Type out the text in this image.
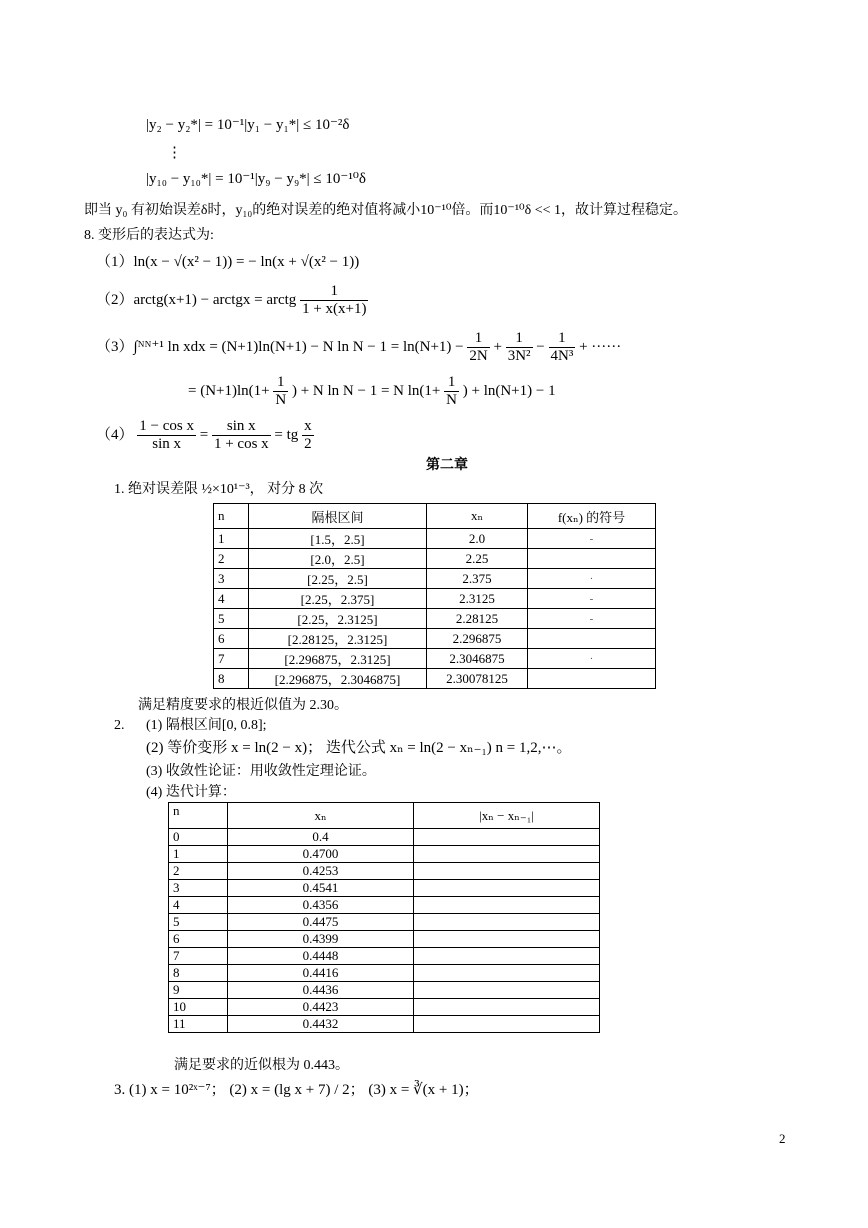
|y₂ − y₂*| = 10⁻¹|y₁ − y₁*| ≤ 10⁻²δ
⋮
|y₁₀ − y₁₀*| = 10⁻¹|y₉ − y₉*| ≤ 10⁻¹⁰δ
即当 y₀ 有初始误差δ时，y₁₀的绝对误差的绝对值将减小10⁻¹⁰倍。而10⁻¹⁰δ << 1，故计算过程稳定。
8. 变形后的表达式为:
（1）ln(x − √(x² − 1)) = − ln(x + √(x² − 1))
（2）arctg(x+1) − arctgx = arctg $\frac{1}{1 + x(x+1)}$
（3）∫ᴺᴺ⁺¹ ln xdx = (N+1)ln(N+1) − N $\ln N - 1 = \ln(N+1) - \frac{1}{2N} + \frac{1}{\text{3N²}} - \frac{1}{\text{4N³}}$ + ······
= $(N+1)\ln(1+ \frac{1}{N}$ ) + N ln N − 1 = N $\ln(1+ \frac{1}{N}$ ) + ln(N+1) − 1
$(4) \frac{\text{1 − cos x}}{\text{sin x}} = \frac{\text{sin x}}{\text{1 + cos x}}$ = tg $\frac{x}{2}$
第二章
1. 绝对误差限 ½×10¹⁻³， 对分 8 次
n	隔根区间	xₙ	f(xₙ) 的符号
1	[1.5，2.5]	2.0	-
2	[2.0，2.5]	2.25	
3	[2.25，2.5]	2.375	·
4	[2.25，2.375]	2.3125	-
5	[2.25，2.3125]	2.28125	-
6	[2.28125，2.3125]	2.296875	
7	[2.296875，2.3125]	2.3046875	·
8	[2.296875，2.3046875]	2.30078125	
满足精度要求的根近似值为 2.30。
2. (1) 隔根区间[0, 0.8];
(2) 等价变形 x = ln(2 − x)； 迭代公式 xₙ = ln(2 − xₙ₋₁) n = 1,2,⋯。
(3) 收敛性论证：用收敛性定理论证。
(4) 迭代计算：
n	xₙ	|xₙ − xₙ₋₁|
0	0.4	
1	0.4700	
2	0.4253	
3	0.4541	
4	0.4356	
5	0.4475	
6	0.4399	
7	0.4448	
8	0.4416	
9	0.4436	
10	0.4423	
11	0.4432	
满足要求的近似根为 0.443。
3. (1) x = 10²ˣ⁻⁷； (2) x = (lg x + 7) / 2； (3) x = ∛(x + 1)；
2
